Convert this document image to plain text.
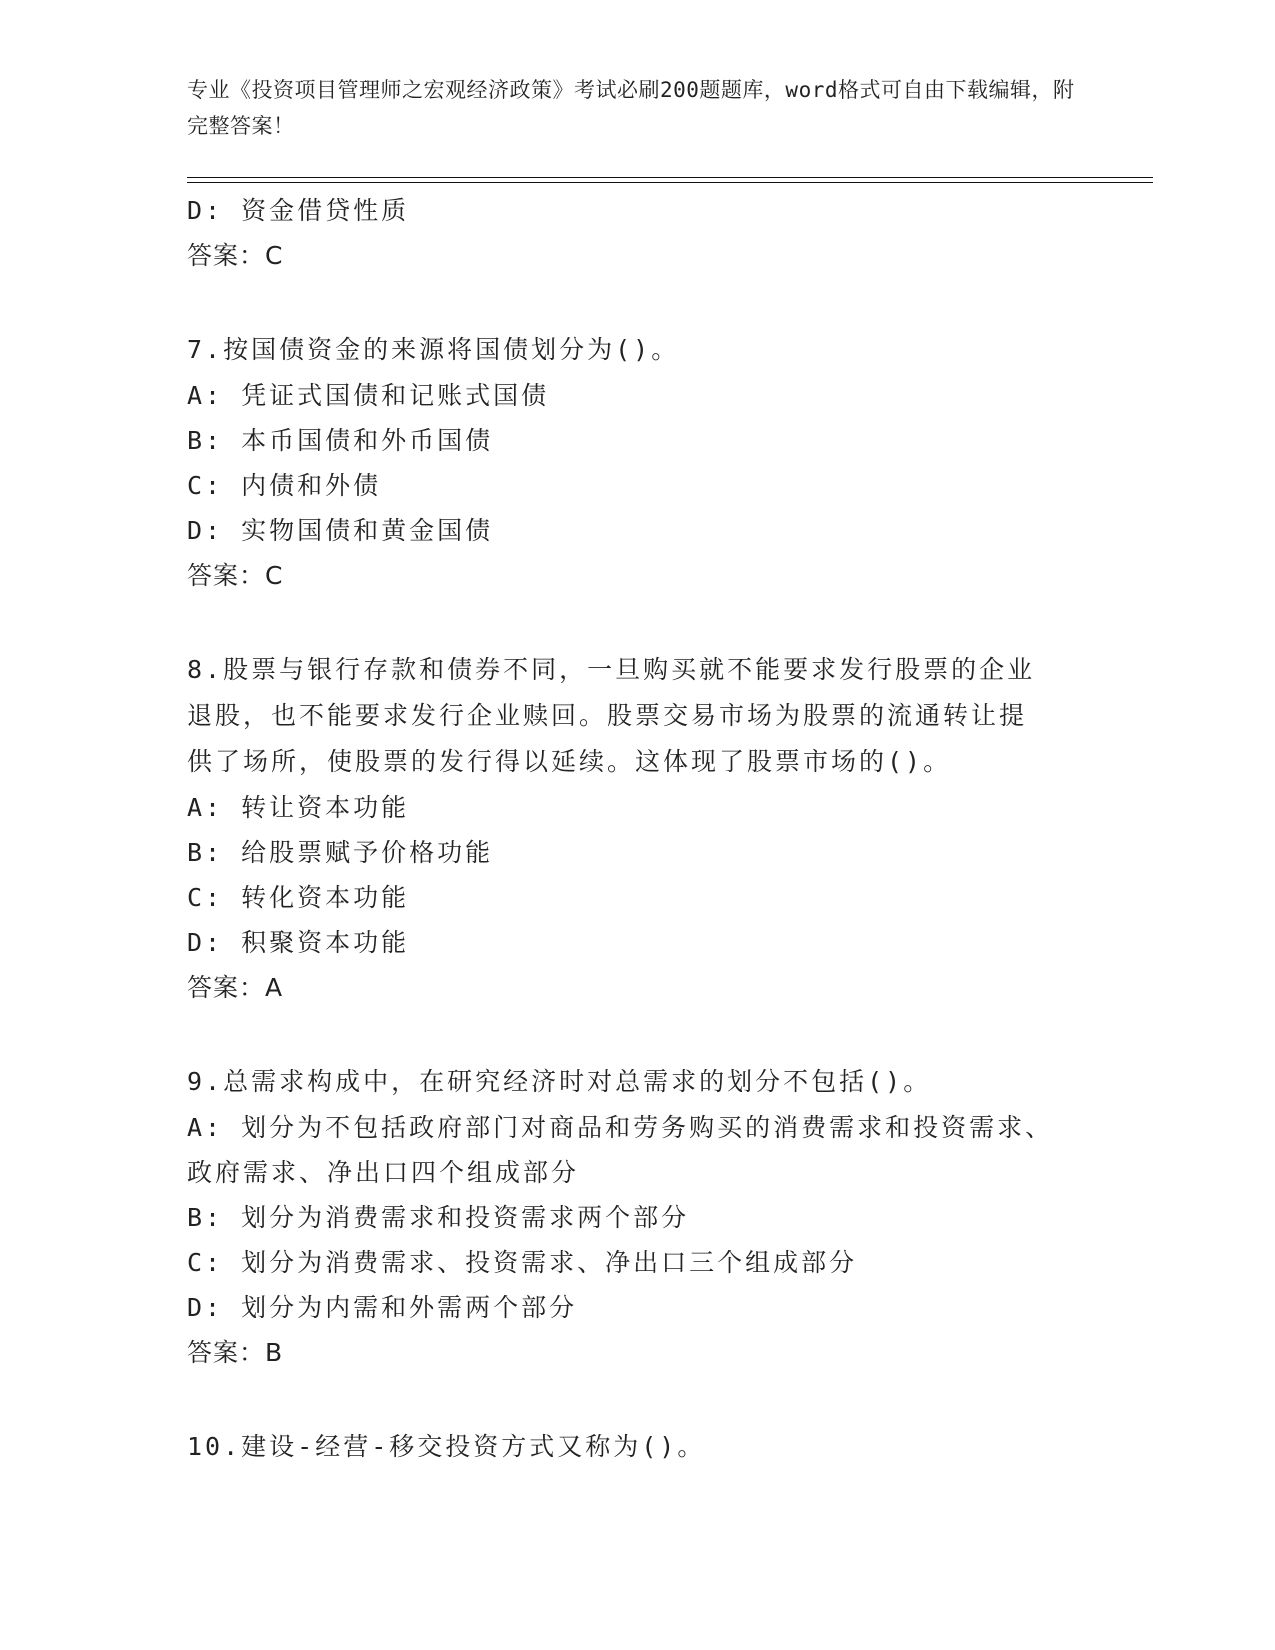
专业《投资项目管理师之宏观经济政策》考试必刷200题题库，word格式可自由下载编辑，附完整答案！
D: 资金借贷性质
答案：C
7.按国债资金的来源将国债划分为()。
A: 凭证式国债和记账式国债
B: 本币国债和外币国债
C: 内债和外债
D: 实物国债和黄金国债
答案：C
8.股票与银行存款和债券不同，一旦购买就不能要求发行股票的企业
退股，也不能要求发行企业赎回。股票交易市场为股票的流通转让提
供了场所，使股票的发行得以延续。这体现了股票市场的()。
A: 转让资本功能
B: 给股票赋予价格功能
C: 转化资本功能
D: 积聚资本功能
答案：A
9.总需求构成中，在研究经济时对总需求的划分不包括()。
A: 划分为不包括政府部门对商品和劳务购买的消费需求和投资需求、
政府需求、净出口四个组成部分
B: 划分为消费需求和投资需求两个部分
C: 划分为消费需求、投资需求、净出口三个组成部分
D: 划分为内需和外需两个部分
答案：B
10.建设-经营-移交投资方式又称为()。
